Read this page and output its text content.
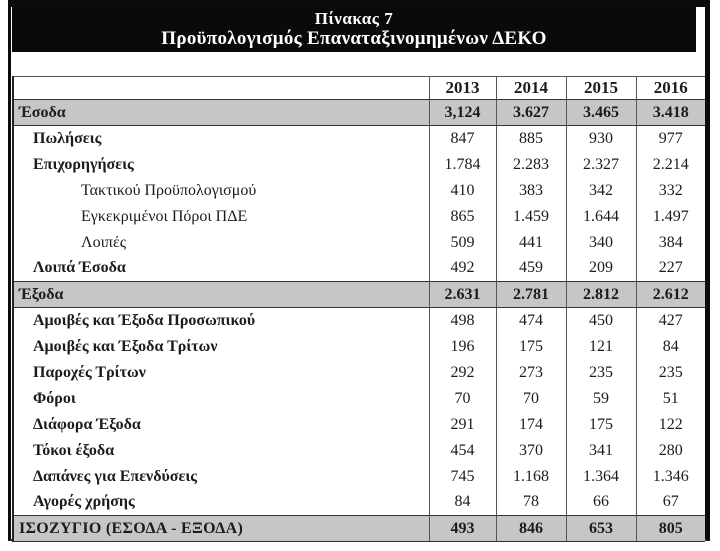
Πίνακας 7
Προϋπολογισμός Επαναταξινομημένων ΔΕΚΟ
	2013	2014	2015	2016
Έσοδα	3,124	3.627	3.465	3.418
Πωλήσεις	847	885	930	977
Επιχορηγήσεις	1.784	2.283	2.327	2.214
Τακτικού Προϋπολογισμού	410	383	342	332
Εγκεκριμένοι Πόροι ΠΔΕ	865	1.459	1.644	1.497
Λοιπές	509	441	340	384
Λοιπά Έσοδα	492	459	209	227
Έξοδα	2.631	2.781	2.812	2.612
Αμοιβές και Έξοδα Προσωπικού	498	474	450	427
Αμοιβές και Έξοδα Τρίτων	196	175	121	84
Παροχές Τρίτων	292	273	235	235
Φόροι	70	70	59	51
Διάφορα Έξοδα	291	174	175	122
Τόκοι έξοδα	454	370	341	280
Δαπάνες για Επενδύσεις	745	1.168	1.364	1.346
Αγορές χρήσης	84	78	66	67
ΙΣΟΖΥΓΙΟ (ΕΣΟΔΑ - ΕΞΟΔΑ)	493	846	653	805
